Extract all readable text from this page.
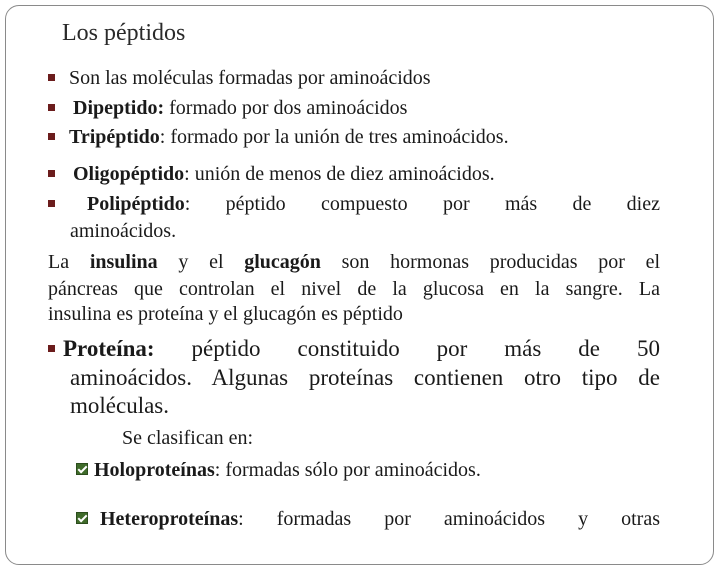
Los péptidos
Son las moléculas formadas por aminoácidos
Dipeptido: formado por dos aminoácidos
Tripéptido: formado por la unión de tres aminoácidos.
Oligopéptido: unión de menos de diez aminoácidos.
Polipéptido: péptido compuesto por más de diez
aminoácidos.
La insulina y el glucagón son hormonas producidas por el
páncreas que controlan el nivel de la glucosa en la sangre. La
insulina es proteína y el glucagón es péptido
Proteína: péptido constituido por más de 50
aminoácidos. Algunas proteínas contienen otro tipo de
moléculas.
Se clasifican en:
Holoproteínas: formadas sólo por aminoácidos.
Heteroproteínas: formadas por aminoácidos y otras
